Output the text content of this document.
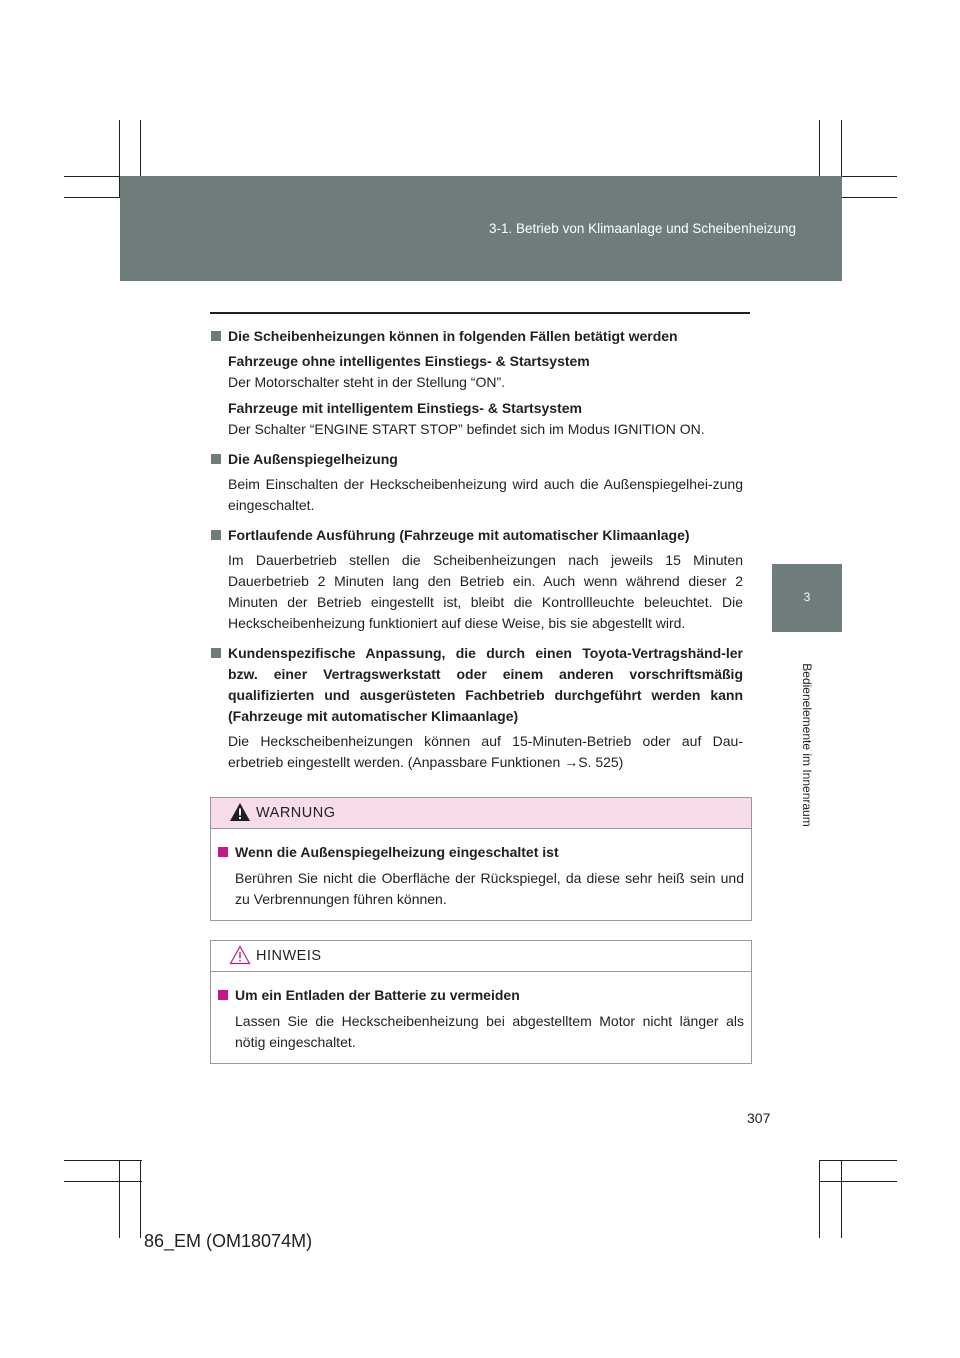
3-1. Betrieb von Klimaanlage und Scheibenheizung
3
Bedienelemente im Innenraum

Die Scheibenheizungen können in folgenden Fällen betätigt werden

Fahrzeuge ohne intelligentes Einstiegs- & Startsystem
Der Motorschalter steht in der Stellung “ON”.

Fahrzeuge mit intelligentem Einstiegs- & Startsystem
Der Schalter “ENGINE START STOP” befindet sich im Modus IGNITION ON.

Die Außenspiegelheizung

Beim Einschalten der Heckscheibenheizung wird auch die Außenspiegelhei-zung eingeschaltet.

Fortlaufende Ausführung (Fahrzeuge mit automatischer Klimaanlage)

Im Dauerbetrieb stellen die Scheibenheizungen nach jeweils 15 Minuten Dauerbetrieb 2 Minuten lang den Betrieb ein. Auch wenn während dieser 2 Minuten der Betrieb eingestellt ist, bleibt die Kontrollleuchte beleuchtet. Die Heckscheibenheizung funktioniert auf diese Weise, bis sie abgestellt wird.

Kundenspezifische Anpassung, die durch einen Toyota-Vertragshänd-ler bzw. einer Vertragswerkstatt oder einem anderen vorschriftsmäßig qualifizierten und ausgerüsteten Fachbetrieb durchgeführt werden kann (Fahrzeuge mit automatischer Klimaanlage)

Die Heckscheibenheizungen können auf 15-Minuten-Betrieb oder auf Dau-erbetrieb eingestellt werden. (Anpassbare Funktionen →S. 525)

WARNUNG

Wenn die Außenspiegelheizung eingeschaltet ist

Berühren Sie nicht die Oberfläche der Rückspiegel, da diese sehr heiß sein und zu Verbrennungen führen können.

HINWEIS

Um ein Entladen der Batterie zu vermeiden

Lassen Sie die Heckscheibenheizung bei abgestelltem Motor nicht länger als nötig eingeschaltet.

307
86_EM (OM18074M)
